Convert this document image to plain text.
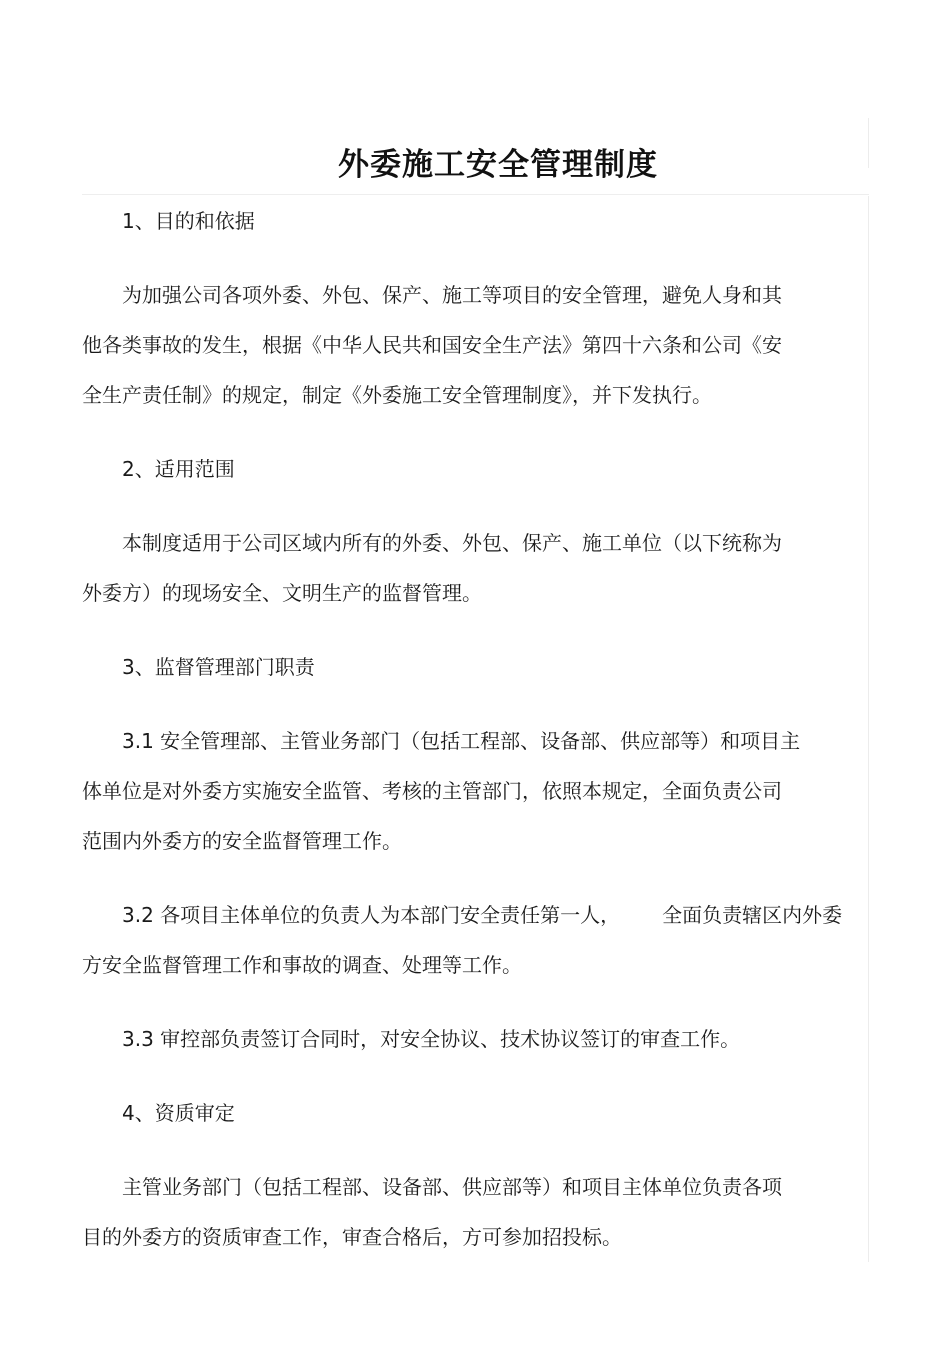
外委施工安全管理制度

1、目的和依据

为加强公司各项外委、外包、保产、施工等项目的安全管理，避免人身和其
他各类事故的发生，根据《中华人民共和国安全生产法》第四十六条和公司《安
全生产责任制》的规定，制定《外委施工安全管理制度》，并下发执行。

2、适用范围

本制度适用于公司区域内所有的外委、外包、保产、施工单位（以下统称为
外委方）的现场安全、文明生产的监督管理。

3、监督管理部门职责

3.1 安全管理部、主管业务部门（包括工程部、设备部、供应部等）和项目主
体单位是对外委方实施安全监管、考核的主管部门，依照本规定，全面负责公司
范围内外委方的安全监督管理工作。

3.2 各项目主体单位的负责人为本部门安全责任第一人， 全面负责辖区内外委
方安全监督管理工作和事故的调查、处理等工作。

3.3 审控部负责签订合同时，对安全协议、技术协议签订的审查工作。

4、资质审定

主管业务部门（包括工程部、设备部、供应部等）和项目主体单位负责各项
目的外委方的资质审查工作，审查合格后，方可参加招投标。
